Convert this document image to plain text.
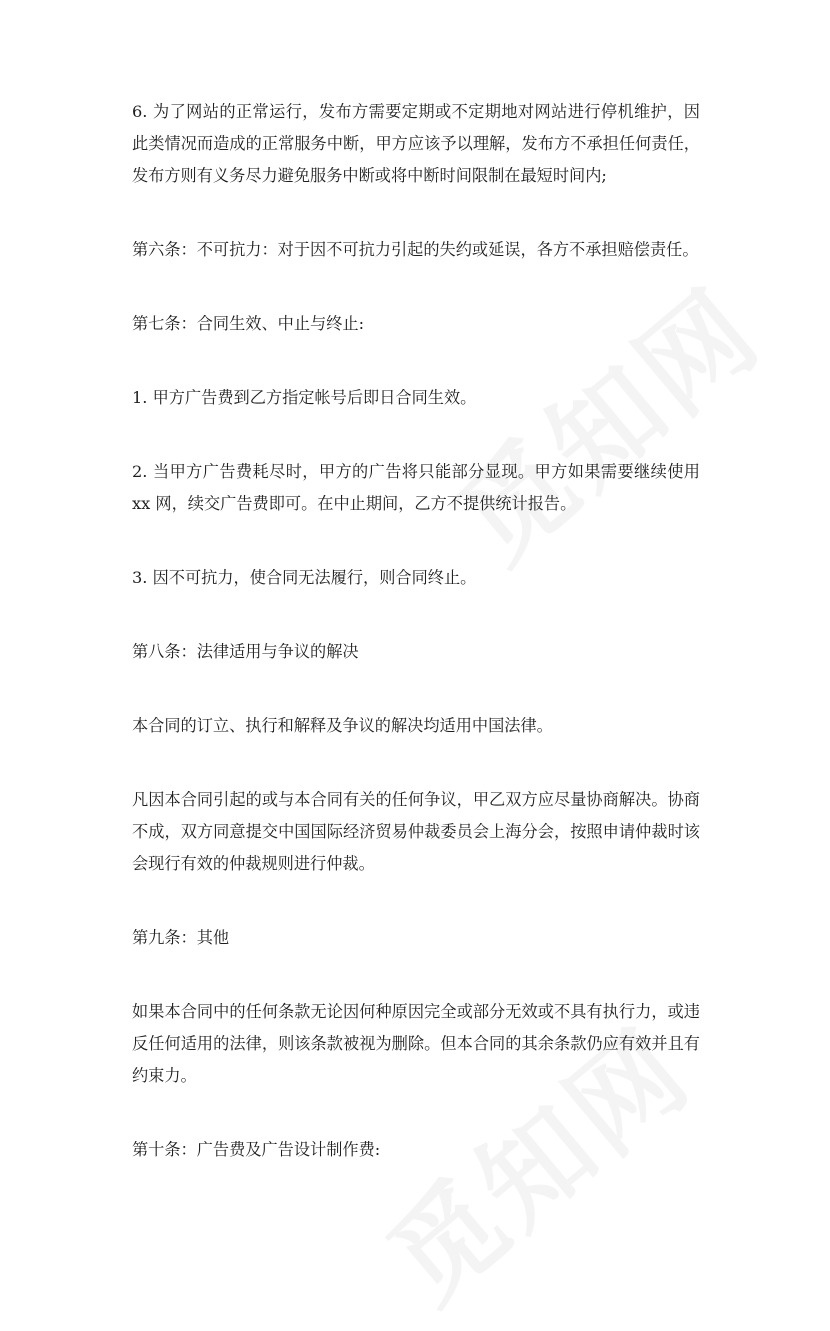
6. 为了网站的正常运行，发布方需要定期或不定期地对网站进行停机维护，因此类情况而造成的正常服务中断，甲方应该予以理解，发布方不承担任何责任，发布方则有义务尽力避免服务中断或将中断时间限制在最短时间内;

第六条：不可抗力：对于因不可抗力引起的失约或延误，各方不承担赔偿责任。

第七条：合同生效、中止与终止:

1. 甲方广告费到乙方指定帐号后即日合同生效。

2. 当甲方广告费耗尽时，甲方的广告将只能部分显现。甲方如果需要继续使用 xx 网，续交广告费即可。在中止期间，乙方不提供统计报告。

3. 因不可抗力，使合同无法履行，则合同终止。

第八条：法律适用与争议的解决

本合同的订立、执行和解释及争议的解决均适用中国法律。

凡因本合同引起的或与本合同有关的任何争议，甲乙双方应尽量协商解决。协商不成，双方同意提交中国国际经济贸易仲裁委员会上海分会，按照申请仲裁时该会现行有效的仲裁规则进行仲裁。

第九条：其他

如果本合同中的任何条款无论因何种原因完全或部分无效或不具有执行力，或违反任何适用的法律，则该条款被视为删除。但本合同的其余条款仍应有效并且有约束力。

第十条：广告费及广告设计制作费:
